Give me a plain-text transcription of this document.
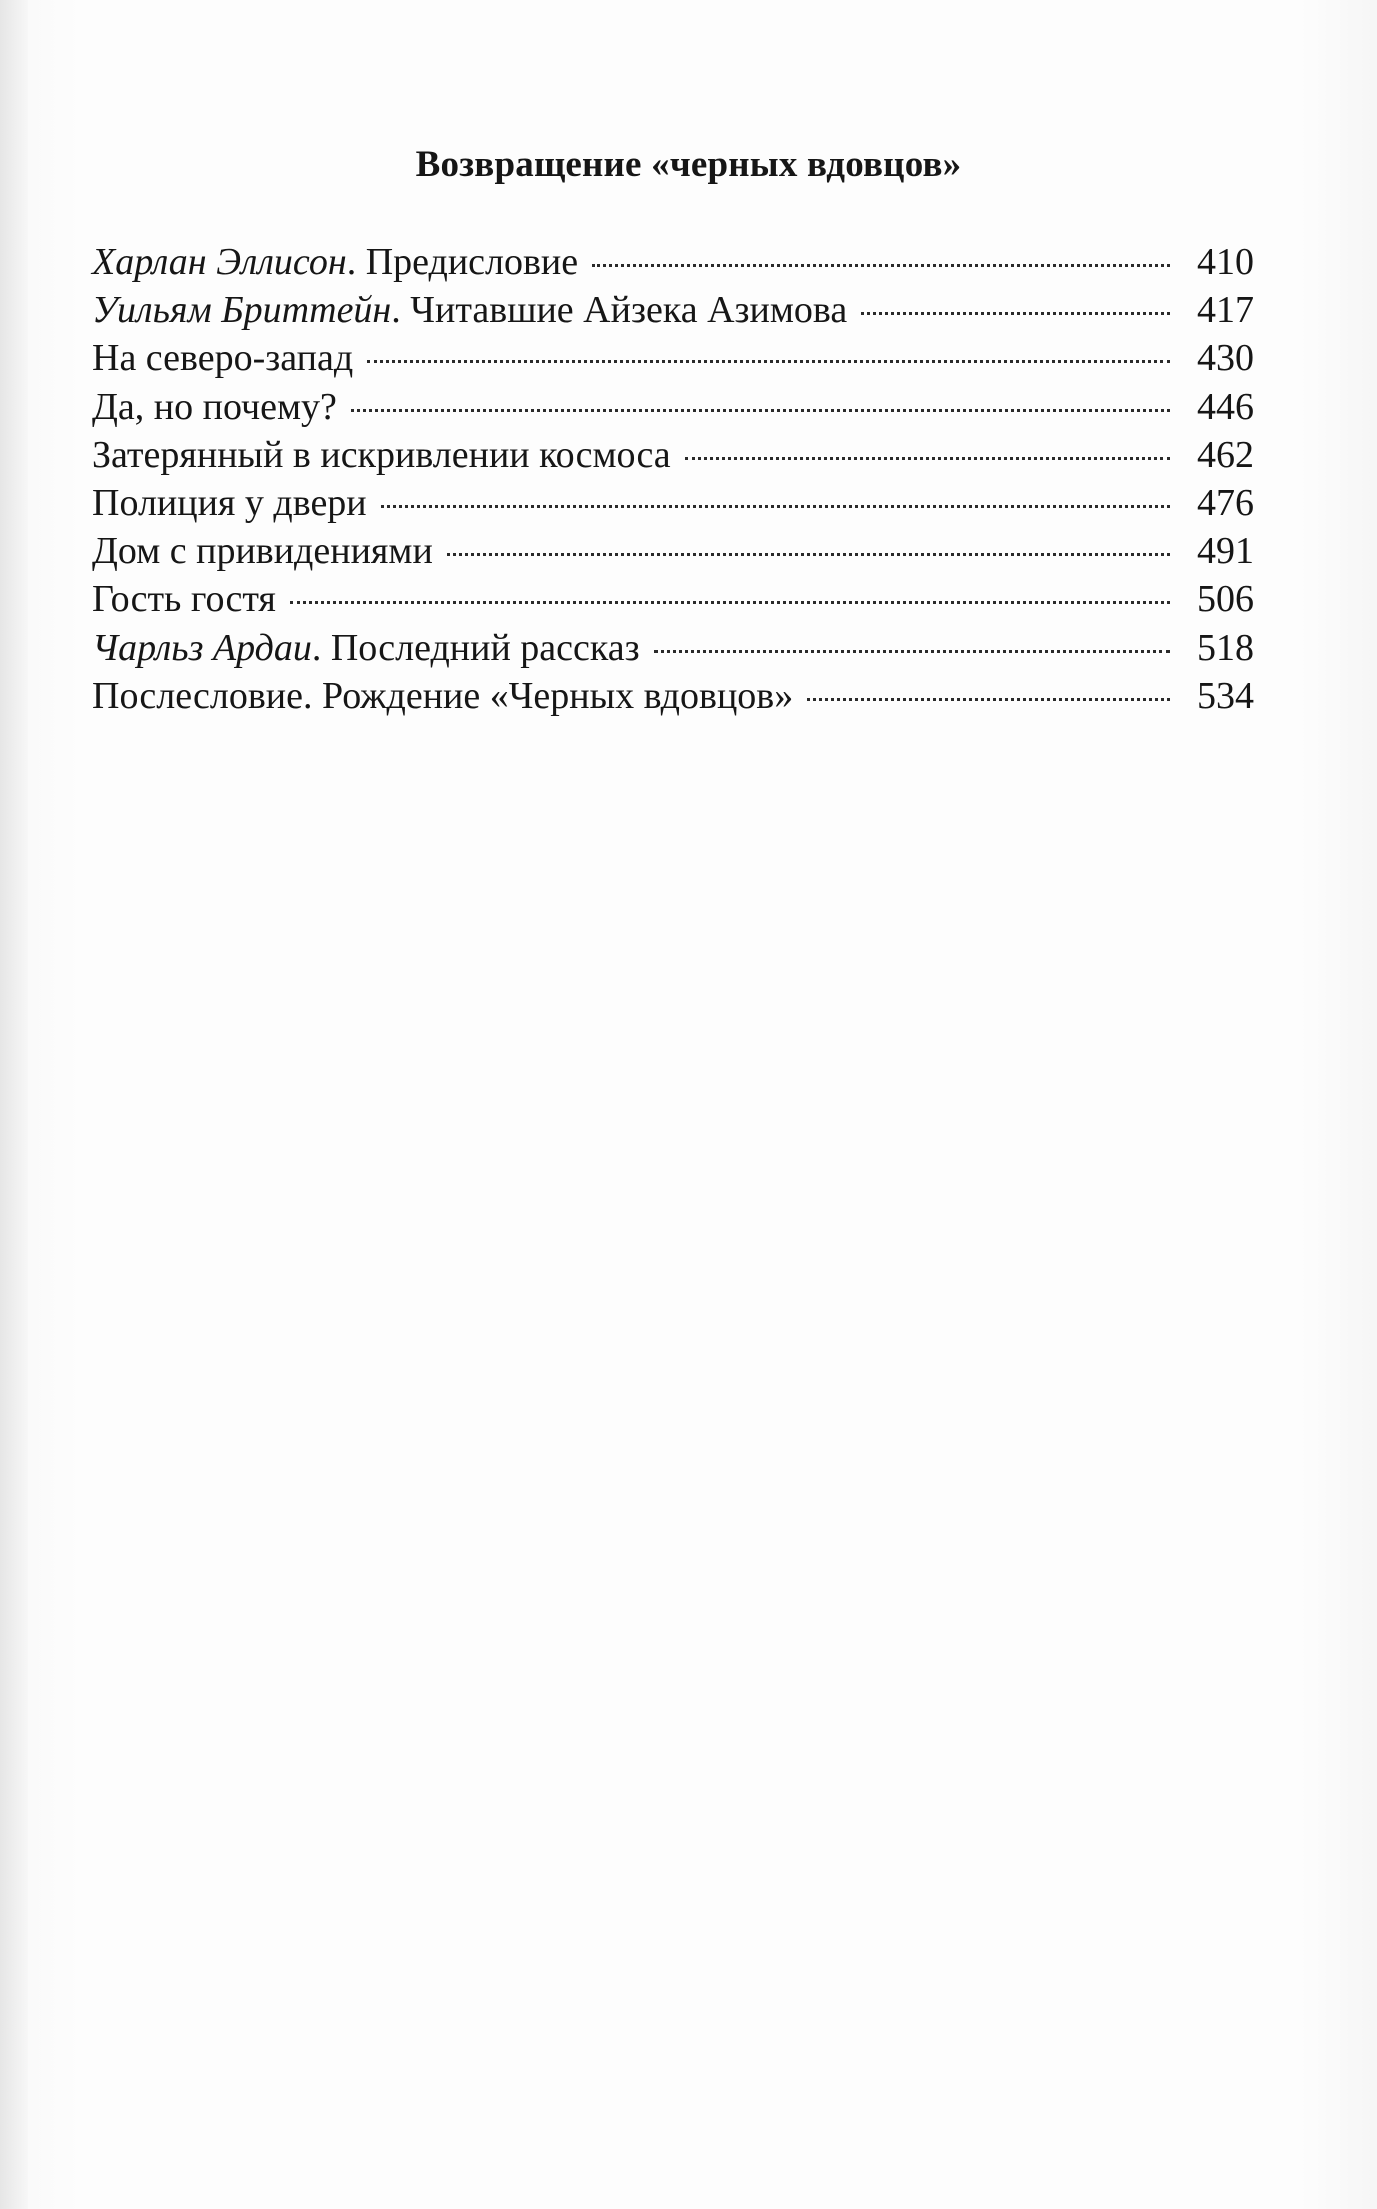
Возвращение «черных вдовцов»
Харлан Эллисон. Предисловие	410
Уильям Бриттейн. Читавшие Айзека Азимова	417
На северо-запад	430
Да, но почему?	446
Затерянный в искривлении космоса	462
Полиция у двери	476
Дом с привидениями	491
Гость гостя	506
Чарльз Ардаи. Последний рассказ	518
Послесловие. Рождение «Черных вдовцов»	534
